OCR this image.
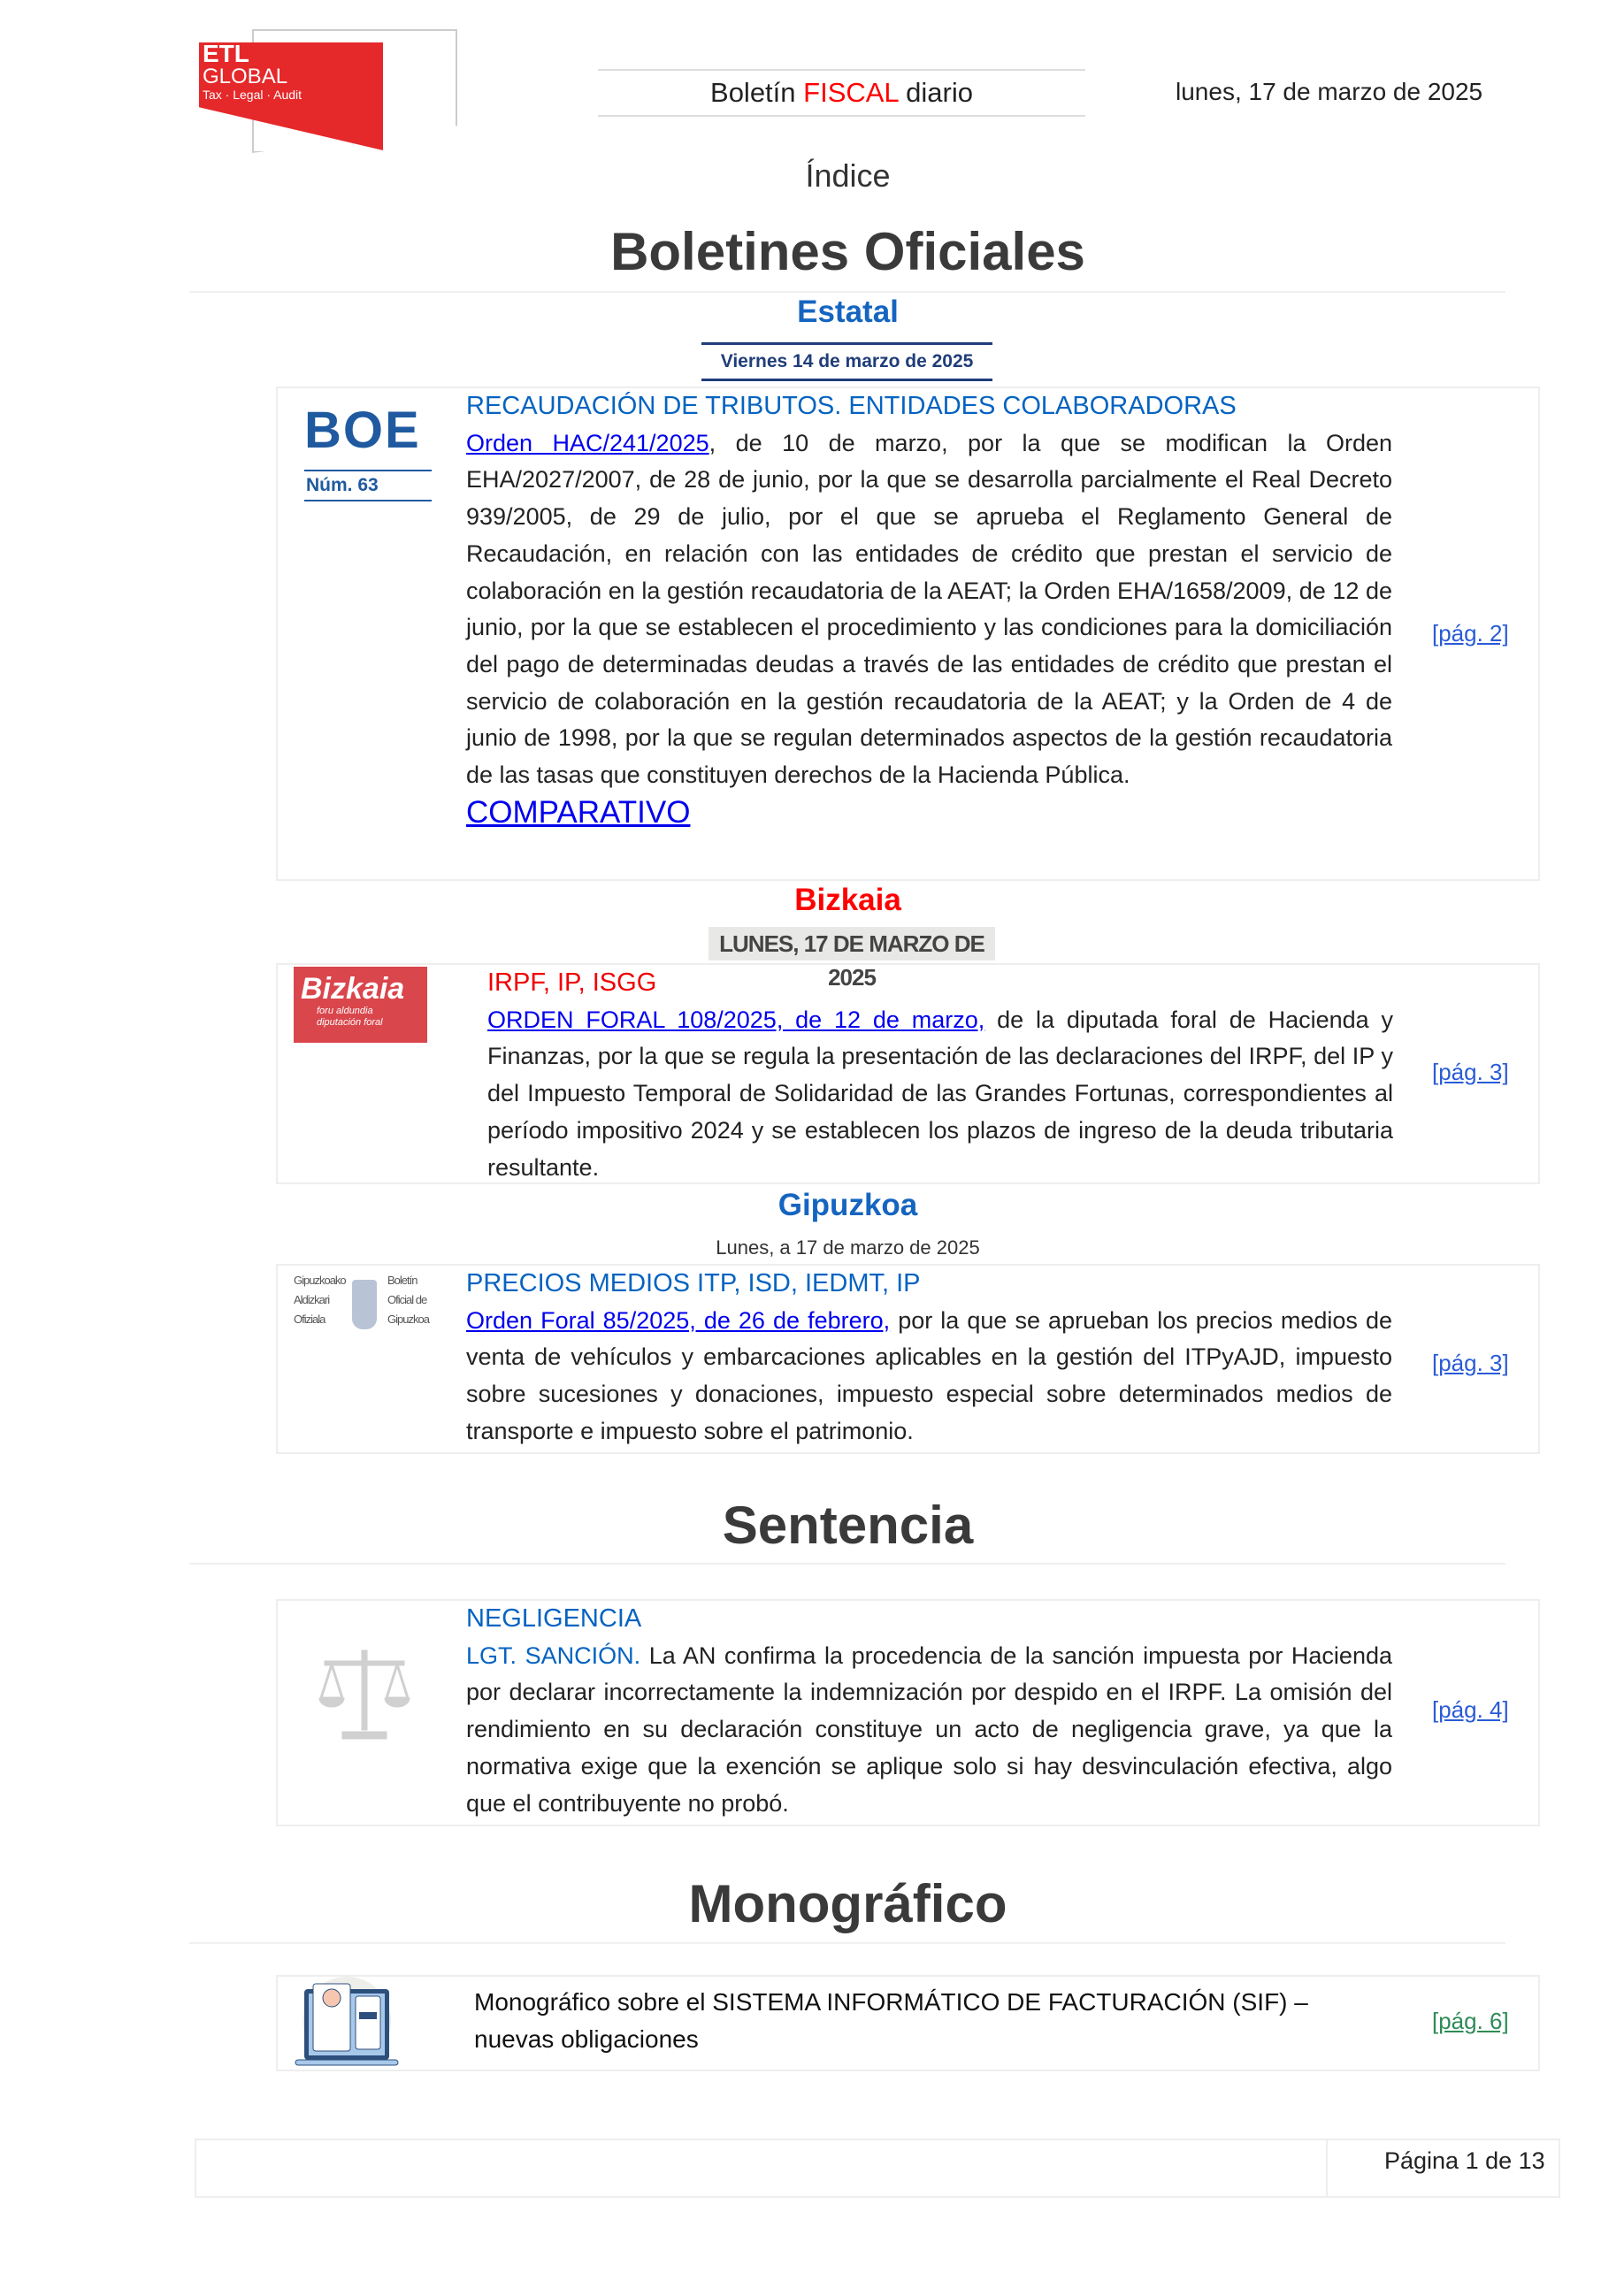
ETL
GLOBAL
Tax · Legal · Audit	Boletín FISCAL diario	lunes, 17 de marzo de 2025
Índice
Boletines Oficiales
Estatal
Viernes 14 de marzo de 2025
BOE
Núm. 63
RECAUDACIÓN DE TRIBUTOS. ENTIDADES COLABORADORAS
Orden HAC/241/2025, de 10 de marzo, por la que se modifican la Orden EHA/2027/2007, de 28 de junio, por la que se desarrolla parcialmente el Real Decreto 939/2005, de 29 de julio, por el que se aprueba el Reglamento General de Recaudación, en relación con las entidades de crédito que prestan el servicio de colaboración en la gestión recaudatoria de la AEAT; la Orden EHA/1658/2009, de 12 de junio, por la que se establecen el procedimiento y las condiciones para la domiciliación del pago de determinadas deudas a través de las entidades de crédito que prestan el servicio de colaboración en la gestión recaudatoria de la AEAT; y la Orden de 4 de junio de 1998, por la que se regulan determinados aspectos de la gestión recaudatoria de las tasas que constituyen derechos de la Hacienda Pública.
COMPARATIVO
[pág. 2]
Bizkaia
LUNES, 17 DE MARZO DE 2025
Bizkaia
foru aldundia
diputación foral
IRPF, IP, ISGG
ORDEN FORAL 108/2025, de 12 de marzo, de la diputada foral de Hacienda y Finanzas, por la que se regula la presentación de las declaraciones del IRPF, del IP y del Impuesto Temporal de Solidaridad de las Grandes Fortunas, correspondientes al período impositivo 2024 y se establecen los plazos de ingreso de la deuda tributaria resultante.
[pág. 3]
Gipuzkoa
Lunes, a 17 de marzo de 2025
Gipuzkoako
Aldizkari
Ofiziala
Boletín
Oficial de
Gipuzkoa
PRECIOS MEDIOS ITP, ISD, IEDMT, IP
Orden Foral 85/2025, de 26 de febrero, por la que se aprueban los precios medios de venta de vehículos y embarcaciones aplicables en la gestión del ITPyAJD, impuesto sobre sucesiones y donaciones, impuesto especial sobre determinados medios de transporte e impuesto sobre el patrimonio.
[pág. 3]
Sentencia
NEGLIGENCIA
LGT. SANCIÓN. La AN confirma la procedencia de la sanción impuesta por Hacienda por declarar incorrectamente la indemnización por despido en el IRPF. La omisión del rendimiento en su declaración constituye un acto de negligencia grave, ya que la normativa exige que la exención se aplique solo si hay desvinculación efectiva, algo que el contribuyente no probó.
[pág. 4]
Monográfico
Monográfico sobre el SISTEMA INFORMÁTICO DE FACTURACIÓN (SIF) – nuevas obligaciones
[pág. 6]
Página 1 de 13
